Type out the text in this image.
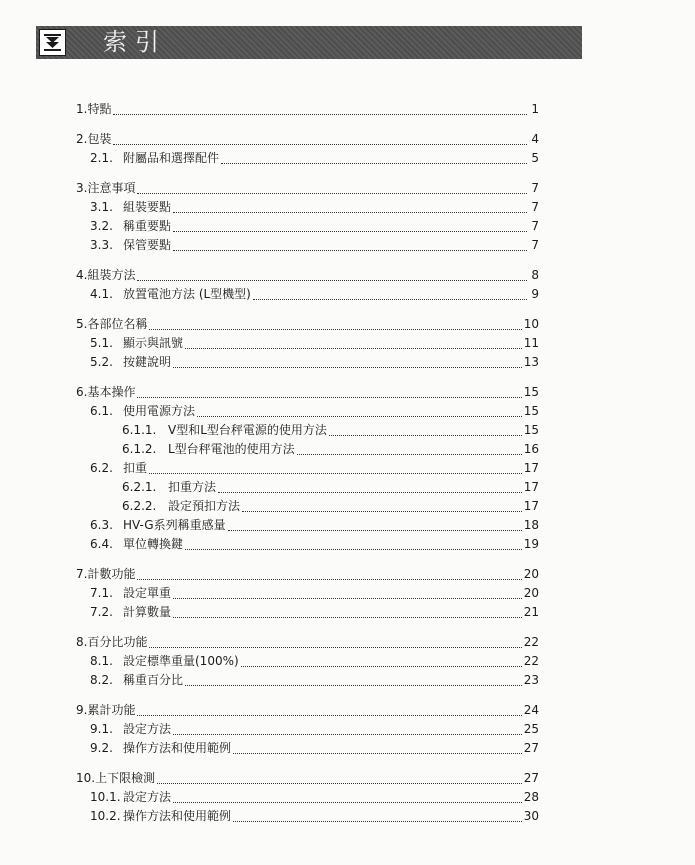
索引
1. 特點	1
2. 包裝	4
2.1. 附屬品和選擇配件	5
3. 注意事項	7
3.1. 組裝要點	7
3.2. 稱重要點	7
3.3. 保管要點	7
4. 組裝方法	8
4.1. 放置電池方法 (L型機型)	9
5. 各部位名稱	10
5.1. 顯示與訊號	11
5.2. 按鍵說明	13
6. 基本操作	15
6.1. 使用電源方法	15
6.1.1. V型和L型台秤電源的使用方法	15
6.1.2. L型台秤電池的使用方法	16
6.2. 扣重	17
6.2.1. 扣重方法	17
6.2.2. 設定預扣方法	17
6.3. HV-G系列稱重感量	18
6.4. 單位轉換鍵	19
7. 計數功能	20
7.1. 設定單重	20
7.2. 計算數量	21
8. 百分比功能	22
8.1. 設定標準重量(100%)	22
8.2. 稱重百分比	23
9. 累計功能	24
9.1. 設定方法	25
9.2. 操作方法和使用範例	27
10. 上下限檢測	27
10.1. 設定方法	28
10.2. 操作方法和使用範例	30
